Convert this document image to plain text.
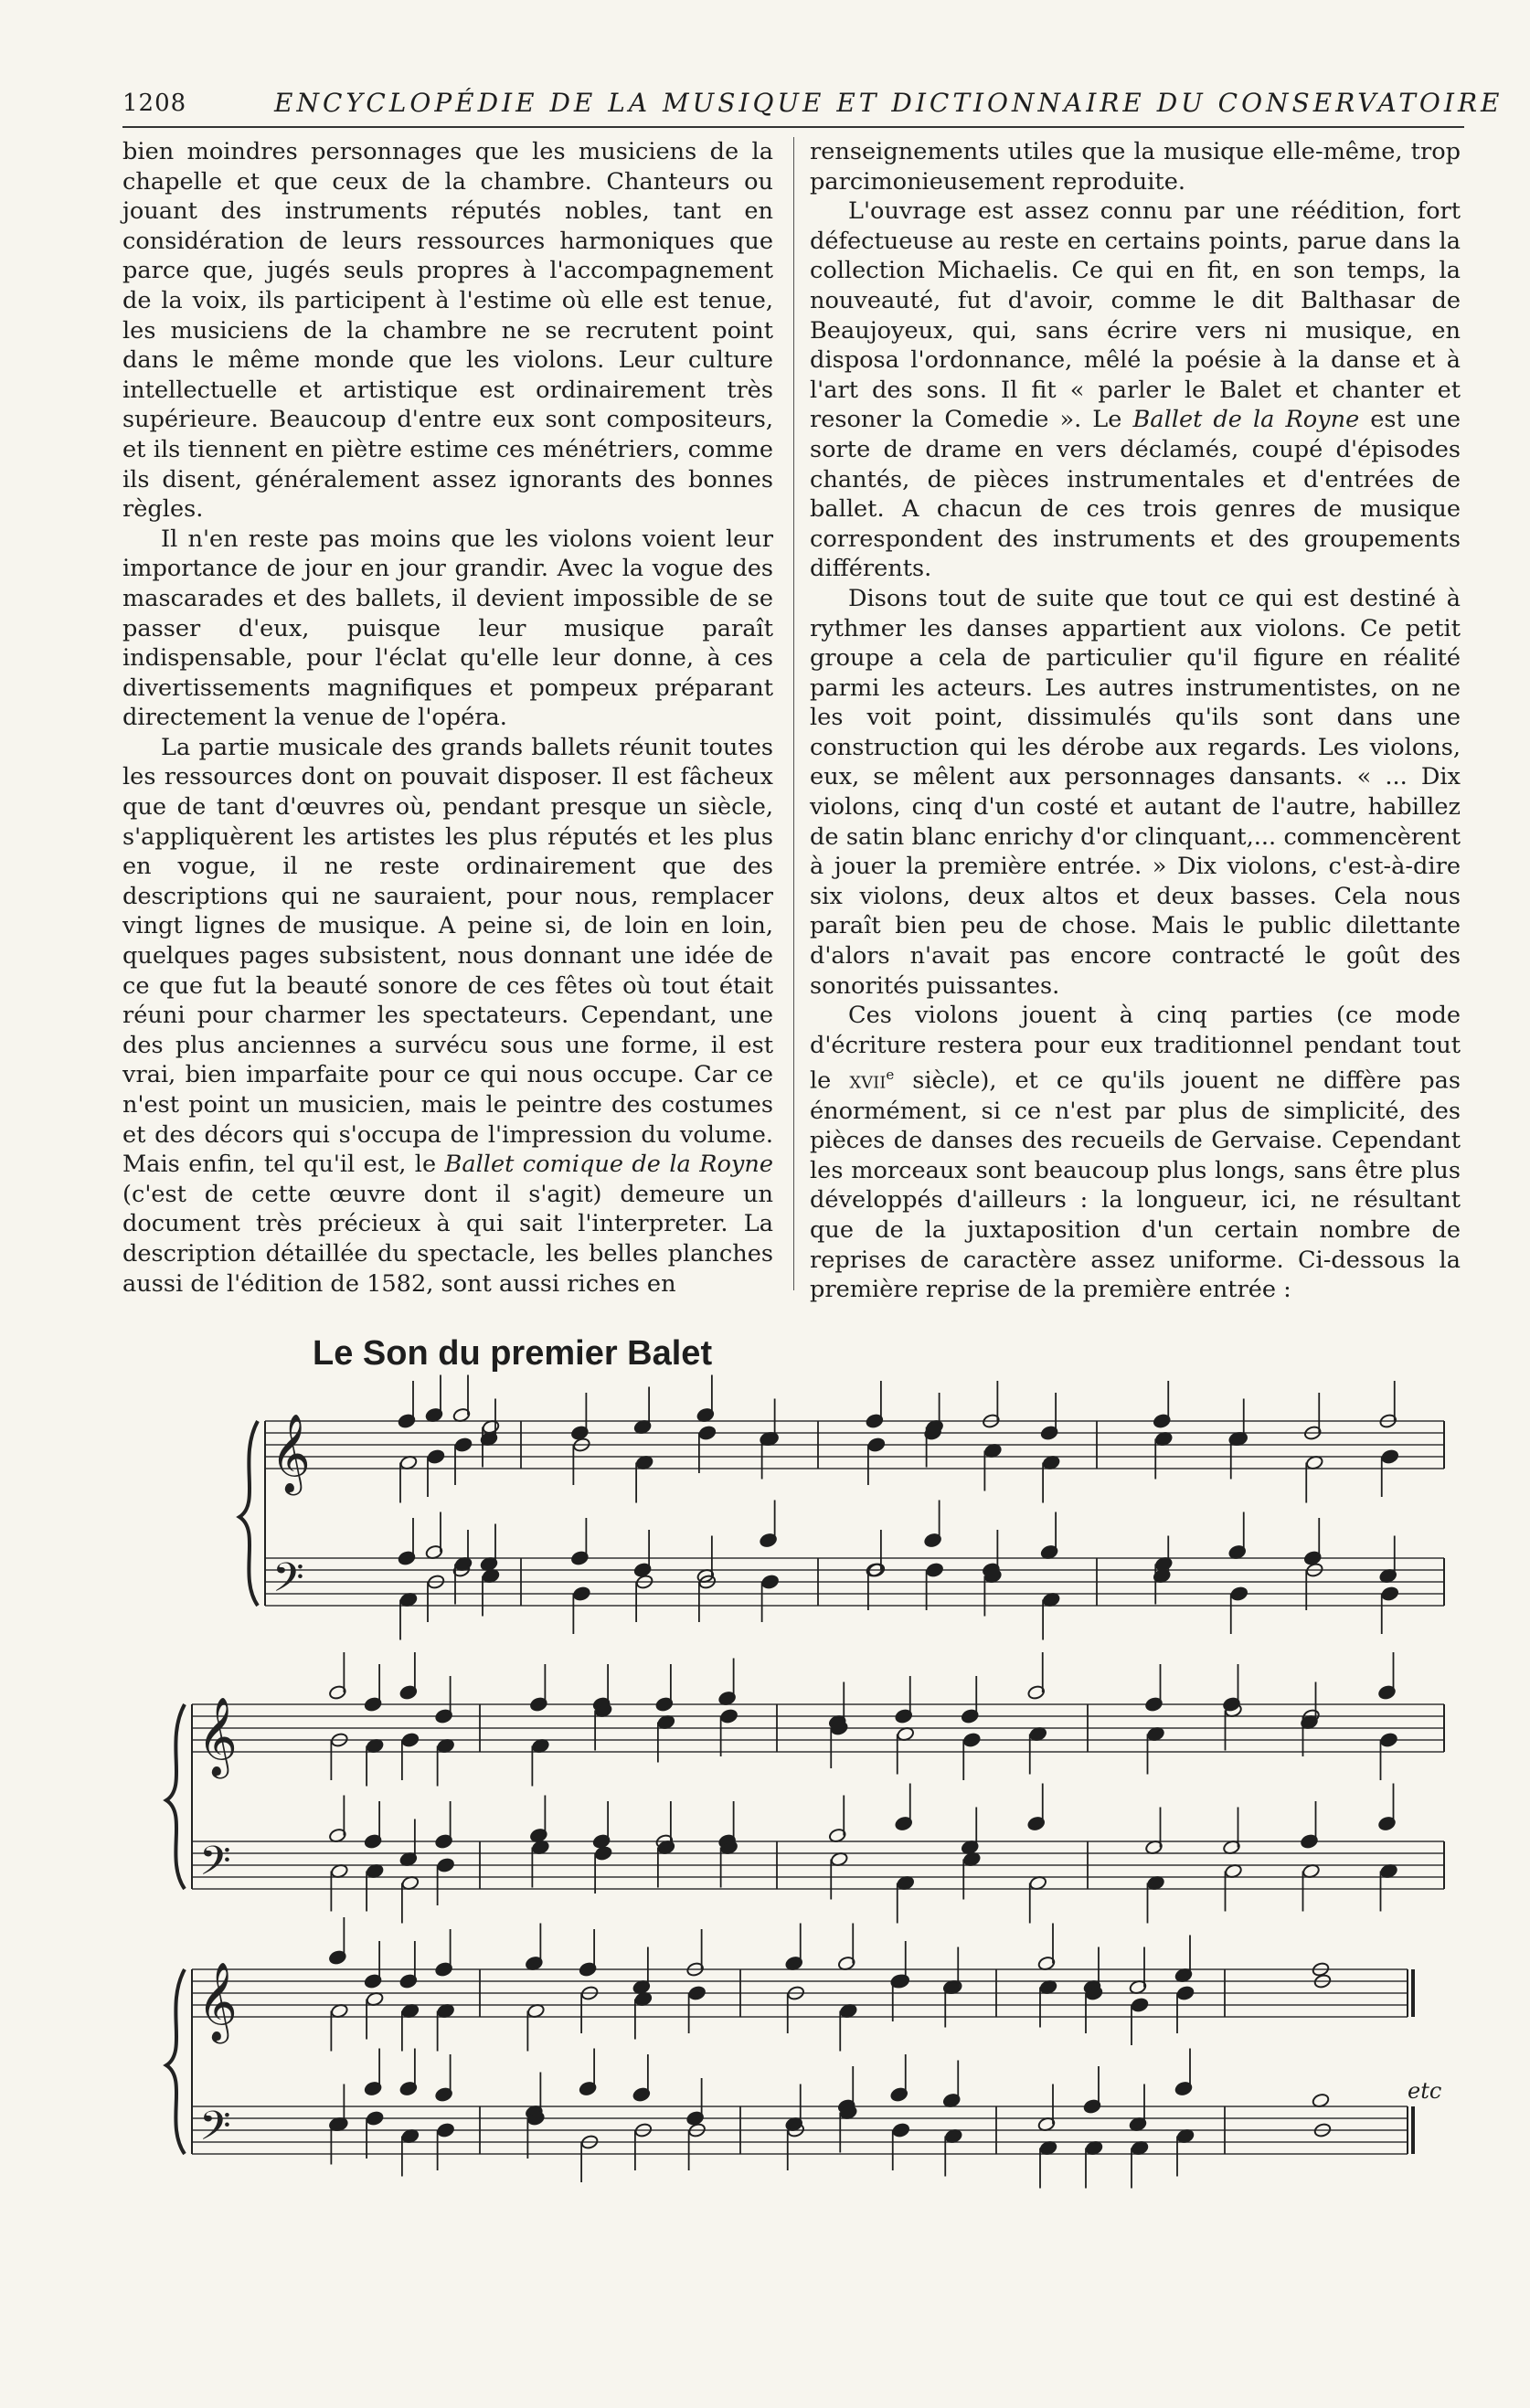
1208	ENCYCLOPÉDIE DE LA MUSIQUE ET DICTIONNAIRE DU CONSERVATOIRE

bien moindres personnages que les musiciens de la chapelle et que ceux de la chambre. Chanteurs ou jouant des instruments réputés nobles, tant en considération de leurs ressources harmoniques que parce que, jugés seuls propres à l'accompagnement de la voix, ils participent à l'estime où elle est tenue, les musiciens de la chambre ne se recrutent point dans le même monde que les violons. Leur culture intellectuelle et artistique est ordinairement très supérieure. Beaucoup d'entre eux sont compositeurs, et ils tiennent en piètre estime ces ménétriers, comme ils disent, généralement assez ignorants des bonnes règles.

Il n'en reste pas moins que les violons voient leur importance de jour en jour grandir. Avec la vogue des mascarades et des ballets, il devient impossible de se passer d'eux, puisque leur musique paraît indispensable, pour l'éclat qu'elle leur donne, à ces divertissements magnifiques et pompeux préparant directement la venue de l'opéra.

La partie musicale des grands ballets réunit toutes les ressources dont on pouvait disposer. Il est fâcheux que de tant d'œuvres où, pendant presque un siècle, s'appliquèrent les artistes les plus réputés et les plus en vogue, il ne reste ordinairement que des descriptions qui ne sauraient, pour nous, remplacer vingt lignes de musique. A peine si, de loin en loin, quelques pages subsistent, nous donnant une idée de ce que fut la beauté sonore de ces fêtes où tout était réuni pour charmer les spectateurs. Cependant, une des plus anciennes a survécu sous une forme, il est vrai, bien imparfaite pour ce qui nous occupe. Car ce n'est point un musicien, mais le peintre des costumes et des décors qui s'occupa de l'impression du volume. Mais enfin, tel qu'il est, le Ballet comique de la Royne (c'est de cette œuvre dont il s'agit) demeure un document très précieux à qui sait l'interpreter. La description détaillée du spectacle, les belles planches aussi de l'édition de 1582, sont aussi riches en

renseignements utiles que la musique elle-même, trop parcimonieusement reproduite.

L'ouvrage est assez connu par une réédition, fort défectueuse au reste en certains points, parue dans la collection Michaelis. Ce qui en fit, en son temps, la nouveauté, fut d'avoir, comme le dit Balthasar de Beaujoyeux, qui, sans écrire vers ni musique, en disposa l'ordonnance, mêlé la poésie à la danse et à l'art des sons. Il fit « parler le Balet et chanter et resoner la Comedie ». Le Ballet de la Royne est une sorte de drame en vers déclamés, coupé d'épisodes chantés, de pièces instrumentales et d'entrées de ballet. A chacun de ces trois genres de musique correspondent des instruments et des groupements différents.

Disons tout de suite que tout ce qui est destiné à rythmer les danses appartient aux violons. Ce petit groupe a cela de particulier qu'il figure en réalité parmi les acteurs. Les autres instrumentistes, on ne les voit point, dissimulés qu'ils sont dans une construction qui les dérobe aux regards. Les violons, eux, se mêlent aux personnages dansants. « ... Dix violons, cinq d'un costé et autant de l'autre, habillez de satin blanc enrichy d'or clinquant,... commencèrent à jouer la première entrée. » Dix violons, c'est-à-dire six violons, deux altos et deux basses. Cela nous paraît bien peu de chose. Mais le public dilettante d'alors n'avait pas encore contracté le goût des sonorités puissantes.

Ces violons jouent à cinq parties (ce mode d'écriture restera pour eux traditionnel pendant tout le xvii$^e$ siècle), et ce qu'ils jouent ne diffère pas énormément, si ce n'est par plus de simplicité, des pièces de danses des recueils de Gervaise. Cependant les morceaux sont beaucoup plus longs, sans être plus développés d'ailleurs : la longueur, ici, ne résultant que de la juxtaposition d'un certain nombre de reprises de caractère assez uniforme. Ci-dessous la première reprise de la première entrée :

Le Son du premier Balet
𝄞
𝄢
𝄞
𝄢
𝄞
𝄢
etc
